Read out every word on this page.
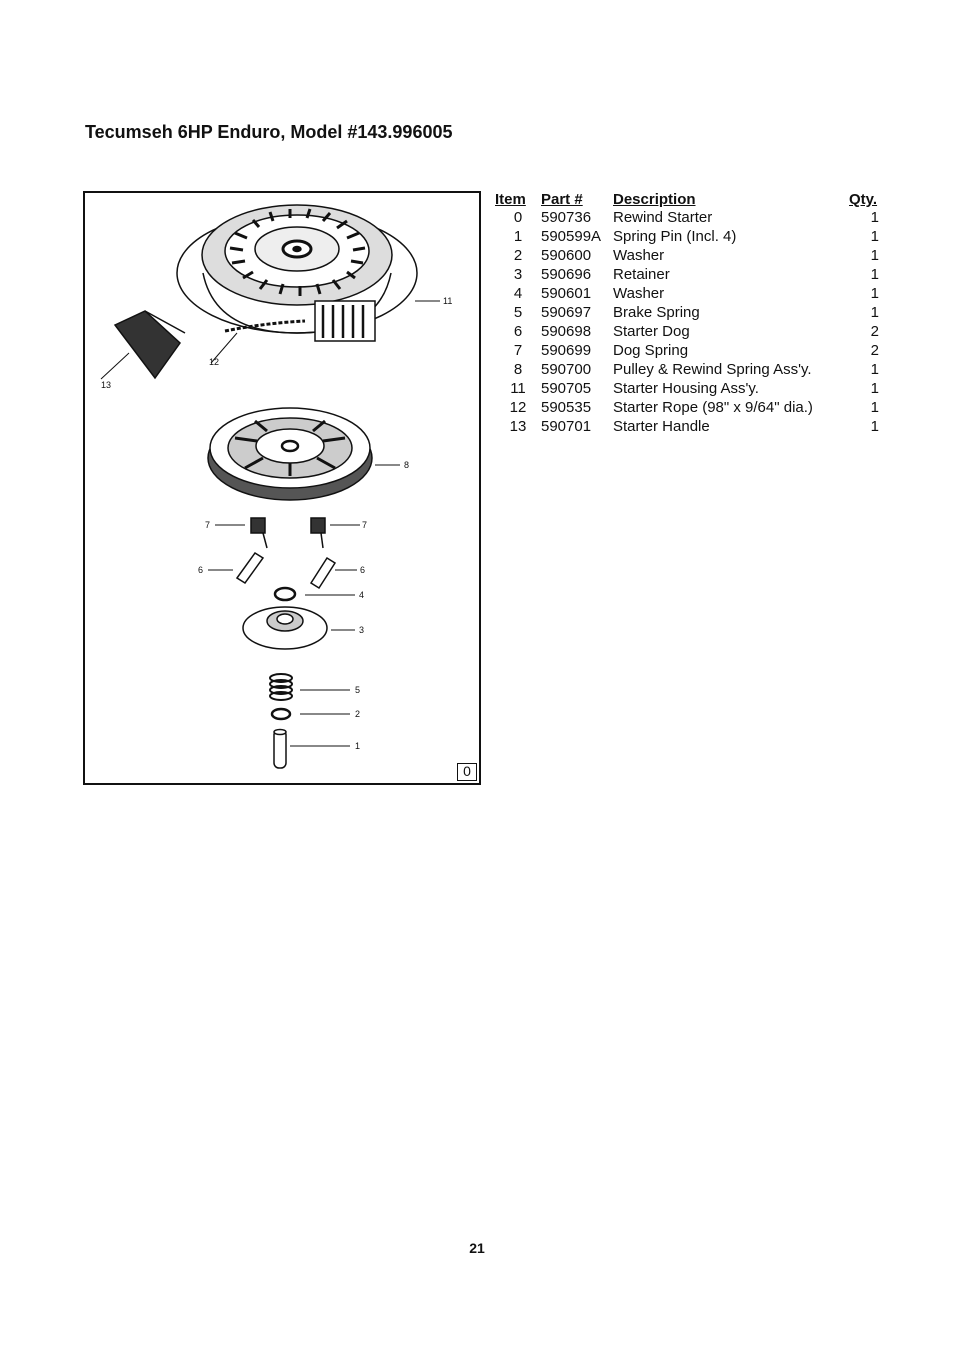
Tecumseh 6HP Enduro, Model #143.996005
11
12
13
8
7	7
6	6
4
3
5
2
1
0
Item	Part #	Description	Qty.
0	590736	Rewind Starter	1
1	590599A	Spring Pin (Incl. 4)	1
2	590600	Washer	1
3	590696	Retainer	1
4	590601	Washer	1
5	590697	Brake Spring	1
6	590698	Starter Dog	2
7	590699	Dog Spring	2
8	590700	Pulley & Rewind Spring Ass'y.	1
11	590705	Starter Housing Ass'y.	1
12	590535	Starter Rope (98" x 9/64" dia.)	1
13	590701	Starter Handle	1
21
